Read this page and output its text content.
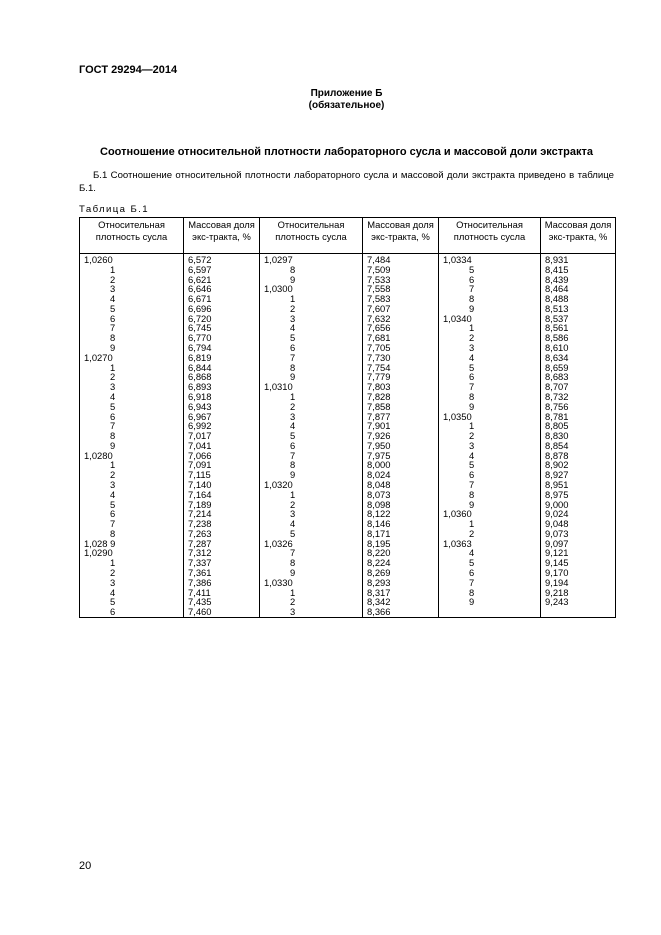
ГОСТ 29294—2014
Приложение Б
(обязательное)
Соотношение относительной плотности лабораторного сусла и массовой доли экстракта
Б.1 Соотношение относительной плотности лабораторного сусла и массовой доли экстракта приведено в таблице Б.1.
Таблица Б.1
Относительная плотность сусла	Массовая доля экс-тракта, %	Относительная плотность сусла	Массовая доля экс-тракта, %	Относительная плотность сусла	Массовая доля экс-тракта, %
1,0260	6,572	1,0297	7,484	1,0334	8,931
1	6,597	8	7,509	5	8,415
2	6,621	9	7,533	6	8,439
3	6,646	1,0300	7,558	7	8,464
4	6,671	1	7,583	8	8,488
5	6,696	2	7,607	9	8,513
6	6,720	3	7,632	1,0340	8,537
7	6,745	4	7,656	1	8,561
8	6,770	5	7,681	2	8,586
9	6,794	6	7,705	3	8,610
1,0270	6,819	7	7,730	4	8,634
1	6,844	8	7,754	5	8,659
2	6,868	9	7,779	6	8,683
3	6,893	1,0310	7,803	7	8,707
4	6,918	1	7,828	8	8,732
5	6,943	2	7,858	9	8,756
6	6,967	3	7,877	1,0350	8,781
7	6,992	4	7,901	1	8,805
8	7,017	5	7,926	2	8,830
9	7,041	6	7,950	3	8,854
1,0280	7,066	7	7,975	4	8,878
1	7,091	8	8,000	5	8,902
2	7,115	9	8,024	6	8,927
3	7,140	1,0320	8,048	7	8,951
4	7,164	1	8,073	8	8,975
5	7,189	2	8,098	9	9,000
6	7,214	3	8,122	1,0360	9,024
7	7,238	4	8,146	1	9,048
8	7,263	5	8,171	2	9,073
1,028 9	7,287	1,0326	8,195	1,0363	9,097
1,0290	7,312	7	8,220	4	9,121
1	7,337	8	8,224	5	9,145
2	7,361	9	8,269	6	9,170
3	7,386	1,0330	8,293	7	9,194
4	7,411	1	8,317	8	9,218
5	7,435	2	8,342	9	9,243
6	7,460	3	8,366		
20
